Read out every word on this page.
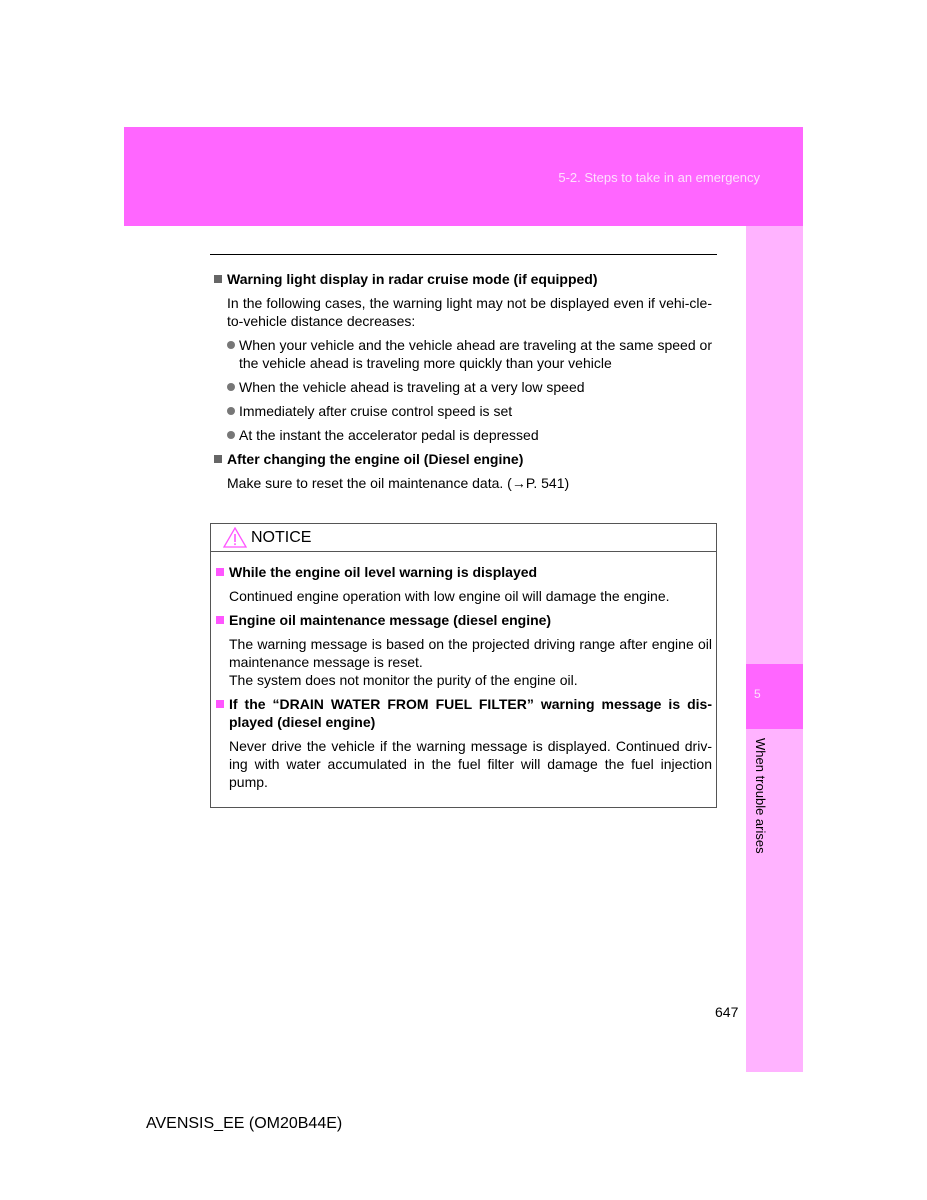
5-2. Steps to take in an emergency
5
When trouble arises
Warning light display in radar cruise mode (if equipped)
In the following cases, the warning light may not be displayed even if vehi-cle-to-vehicle distance decreases:
When your vehicle and the vehicle ahead are traveling at the same speed or the vehicle ahead is traveling more quickly than your vehicle
When the vehicle ahead is traveling at a very low speed
Immediately after cruise control speed is set
At the instant the accelerator pedal is depressed
After changing the engine oil (Diesel engine)
Make sure to reset the oil maintenance data. (→P. 541)
NOTICE
While the engine oil level warning is displayed
Continued engine operation with low engine oil will damage the engine.
Engine oil maintenance message (diesel engine)
The warning message is based on the projected driving range after engine oil maintenance message is reset.
The system does not monitor the purity of the engine oil.
If the “DRAIN WATER FROM FUEL FILTER” warning message is dis-played (diesel engine)
Never drive the vehicle if the warning message is displayed. Continued driv-ing with water accumulated in the fuel filter will damage the fuel injection pump.
647
AVENSIS_EE (OM20B44E)
